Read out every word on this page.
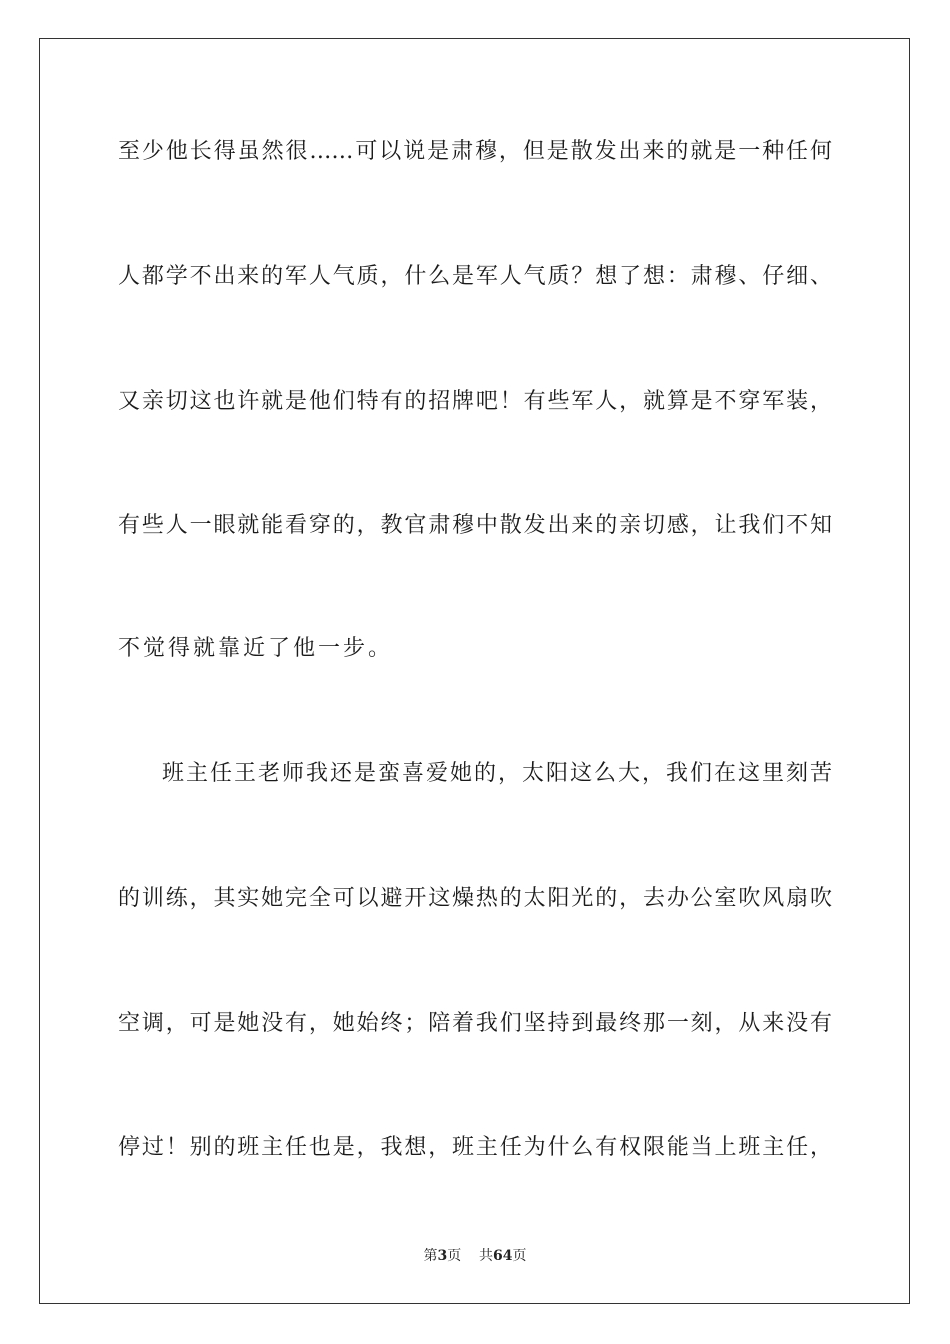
至少他长得虽然很……可以说是肃穆，但是散发出来的就是一种任何
人都学不出来的军人气质，什么是军人气质？想了想：肃穆、仔细、
又亲切这也许就是他们特有的招牌吧！有些军人，就算是不穿军装，
有些人一眼就能看穿的，教官肃穆中散发出来的亲切感，让我们不知
不觉得就靠近了他一步。
班主任王老师我还是蛮喜爱她的，太阳这么大，我们在这里刻苦
的训练，其实她完全可以避开这燥热的太阳光的，去办公室吹风扇吹
空调，可是她没有，她始终；陪着我们坚持到最终那一刻，从来没有
停过！别的班主任也是，我想，班主任为什么有权限能当上班主任，
第3页 共64页
